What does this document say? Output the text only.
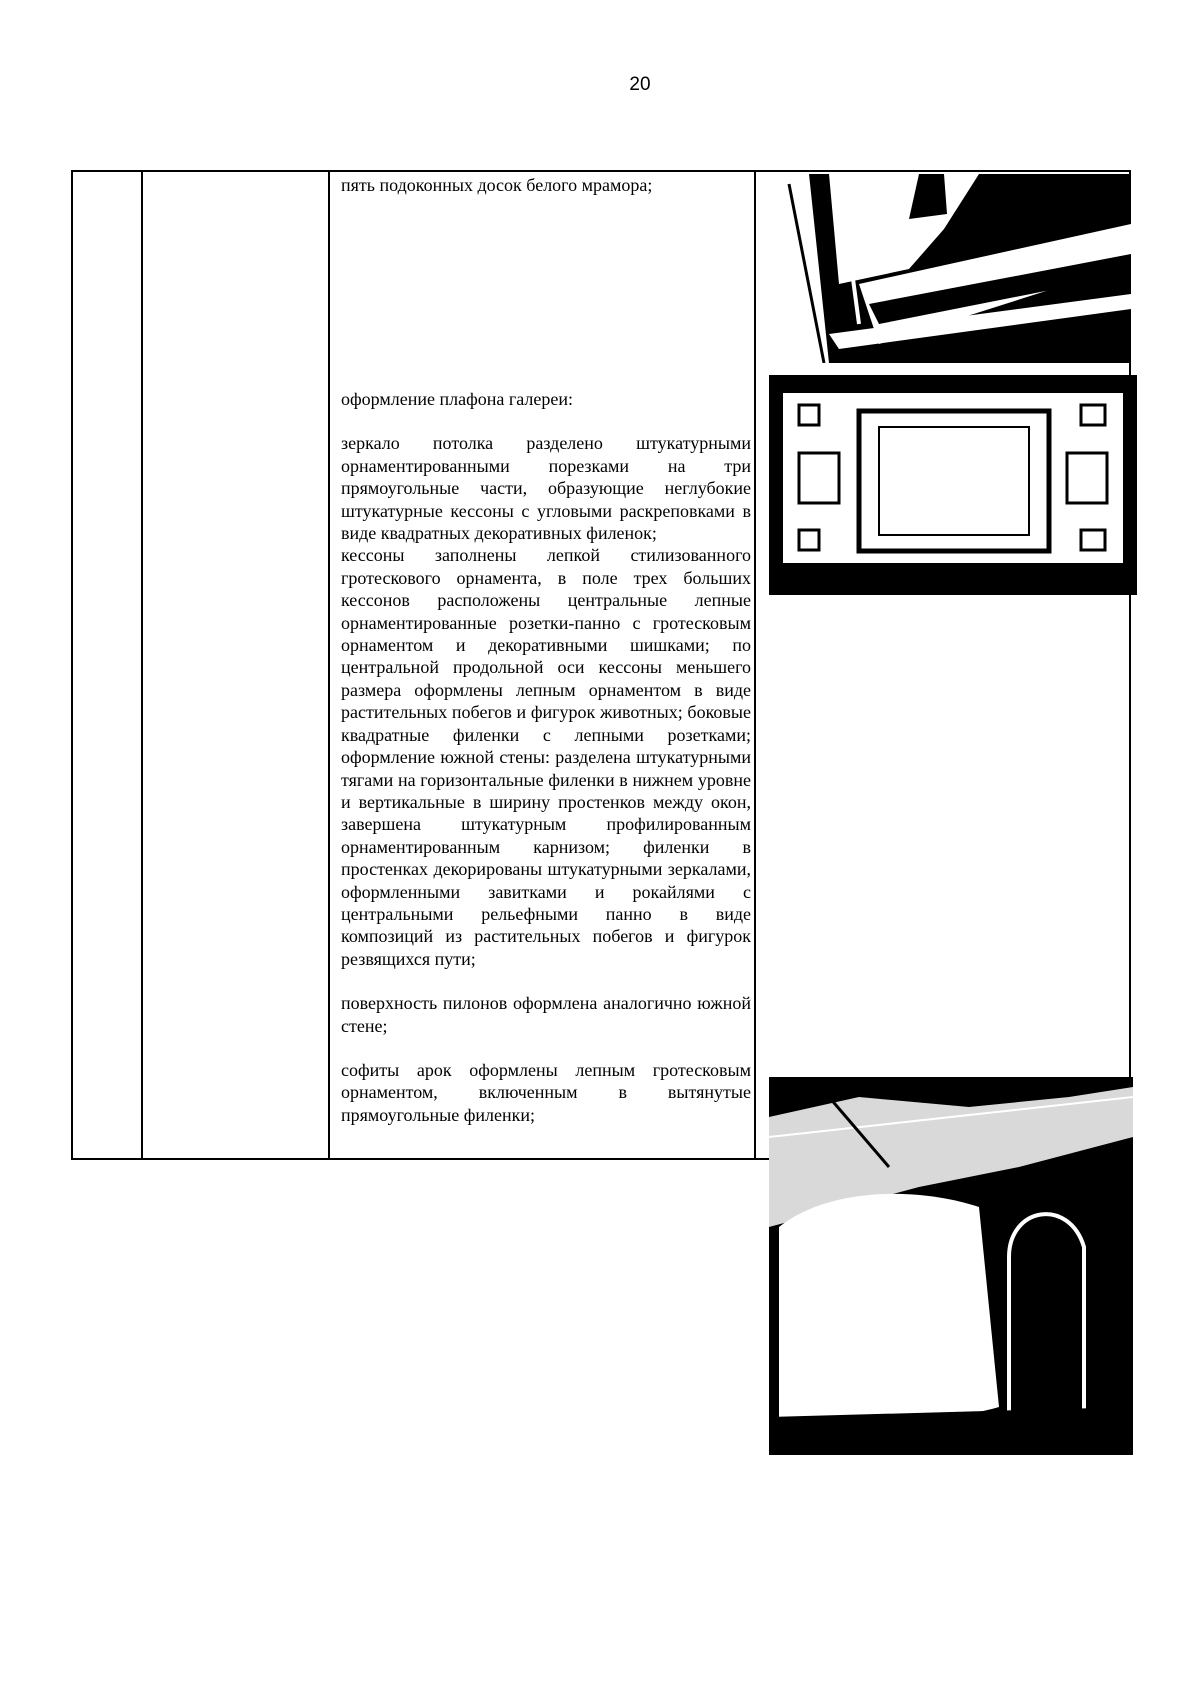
20

пять подоконных досок белого мрамора;

оформление плафона галереи:

зеркало потолка разделено штукатурными орнаментированными порезками на три прямоугольные части, образующие неглубокие штукатурные кессоны с угловыми раскреповками в виде квадратных декоративных филенок;

кессоны заполнены лепкой стилизованного гротескового орнамента, в поле трех больших кессонов расположены центральные лепные орнаментированные розетки-панно с гротесковым орнаментом и декоративными шишками; по центральной продольной оси кессоны меньшего размера оформлены лепным орнаментом в виде растительных побегов и фигурок животных; боковые квадратные филенки с лепными розетками; оформление южной стены: разделена штукатурными тягами на горизонтальные филенки в нижнем уровне и вертикальные в ширину простенков между окон, завершена штукатурным профилированным орнаментированным карнизом; филенки в простенках декорированы штукатурными зеркалами, оформленными завитками и рокайлями с центральными рельефными панно в виде композиций из растительных побегов и фигурок резвящихся пути;

поверхность пилонов оформлена аналогично южной стене;

софиты арок оформлены лепным гротесковым орнаментом, включенным в вытянутые прямоугольные филенки;
